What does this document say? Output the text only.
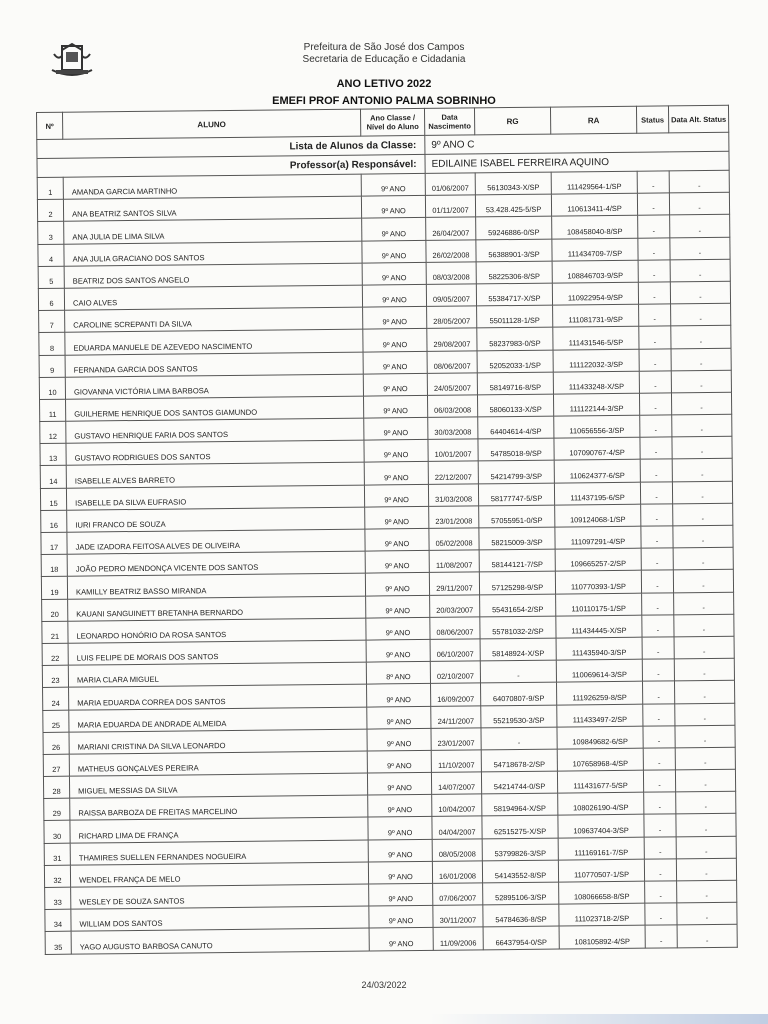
Prefeitura de São José dos Campos
Secretaria de Educação e Cidadania
ANO LETIVO 2022
EMEFI PROF ANTONIO PALMA SOBRINHO
Lista de Alunos da Classe:			9º ANO C				
Professor(a) Responsável:			EDILAINE ISABEL FERREIRA AQUINO				
Nº	ALUNO	Ano Classe / Nível do Aluno	Data Nascimento	RG	RA	Status	Data Alt. Status
1	AMANDA GARCIA MARTINHO	9º ANO	01/06/2007	56130343-X/SP	111429564-1/SP	-	-
2	ANA BEATRIZ SANTOS SILVA	9º ANO	01/11/2007	53.428.425-5/SP	110613411-4/SP	-	-
3	ANA JULIA DE LIMA SILVA	9º ANO	26/04/2007	59246886-0/SP	108458040-8/SP	-	-
4	ANA JULIA GRACIANO DOS SANTOS	9º ANO	26/02/2008	56388901-3/SP	111434709-7/SP	-	-
5	BEATRIZ DOS SANTOS ANGELO	9º ANO	08/03/2008	58225306-8/SP	108846703-9/SP	-	-
6	CAIO ALVES	9º ANO	09/05/2007	55384717-X/SP	110922954-9/SP	-	-
7	CAROLINE SCREPANTI DA SILVA	9º ANO	28/05/2007	55011128-1/SP	111081731-9/SP	-	-
8	EDUARDA MANUELE DE AZEVEDO NASCIMENTO	9º ANO	29/08/2007	58237983-0/SP	111431546-5/SP	-	-
9	FERNANDA GARCIA DOS SANTOS	9º ANO	08/06/2007	52052033-1/SP	111122032-3/SP	-	-
10	GIOVANNA VICTÓRIA LIMA BARBOSA	9º ANO	24/05/2007	58149716-8/SP	111433248-X/SP	-	-
11	GUILHERME HENRIQUE DOS SANTOS GIAMUNDO	9º ANO	06/03/2008	58060133-X/SP	111122144-3/SP	-	-
12	GUSTAVO HENRIQUE FARIA DOS SANTOS	9º ANO	30/03/2008	64404614-4/SP	110656556-3/SP	-	-
13	GUSTAVO RODRIGUES DOS SANTOS	9º ANO	10/01/2007	54785018-9/SP	107090767-4/SP	-	-
14	ISABELLE ALVES BARRETO	9º ANO	22/12/2007	54214799-3/SP	110624377-6/SP	-	-
15	ISABELLE DA SILVA EUFRASIO	9º ANO	31/03/2008	58177747-5/SP	111437195-6/SP	-	-
16	IURI FRANCO DE SOUZA	9º ANO	23/01/2008	57055951-0/SP	109124068-1/SP	-	-
17	JADE IZADORA FEITOSA ALVES DE OLIVEIRA	9º ANO	05/02/2008	58215009-3/SP	111097291-4/SP	-	-
18	JOÃO PEDRO MENDONÇA VICENTE DOS SANTOS	9º ANO	11/08/2007	58144121-7/SP	109665257-2/SP	-	-
19	KAMILLY BEATRIZ BASSO MIRANDA	9º ANO	29/11/2007	57125298-9/SP	110770393-1/SP	-	-
20	KAUANI SANGUINETT BRETANHA BERNARDO	9º ANO	20/03/2007	55431654-2/SP	110110175-1/SP	-	-
21	LEONARDO HONÓRIO DA ROSA SANTOS	9º ANO	08/06/2007	55781032-2/SP	111434445-X/SP	-	-
22	LUIS FELIPE DE MORAIS DOS SANTOS	9º ANO	06/10/2007	58148924-X/SP	111435940-3/SP	-	-
23	MARIA CLARA MIGUEL	8º ANO	02/10/2007	-	110069614-3/SP	-	-
24	MARIA EDUARDA CORREA DOS SANTOS	9º ANO	16/09/2007	64070807-9/SP	111926259-8/SP	-	-
25	MARIA EDUARDA DE ANDRADE ALMEIDA	9º ANO	24/11/2007	55219530-3/SP	111433497-2/SP	-	-
26	MARIANI CRISTINA DA SILVA LEONARDO	9º ANO	23/01/2007	-	109849682-6/SP	-	-
27	MATHEUS GONÇALVES PEREIRA	9º ANO	11/10/2007	54718678-2/SP	107658968-4/SP	-	-
28	MIGUEL MESSIAS DA SILVA	9º ANO	14/07/2007	54214744-0/SP	111431677-5/SP	-	-
29	RAISSA BARBOZA DE FREITAS MARCELINO	9º ANO	10/04/2007	58194964-X/SP	108026190-4/SP	-	-
30	RICHARD LIMA DE FRANÇA	9º ANO	04/04/2007	62515275-X/SP	109637404-3/SP	-	-
31	THAMIRES SUELLEN FERNANDES NOGUEIRA	9º ANO	08/05/2008	53799826-3/SP	111169161-7/SP	-	-
32	WENDEL FRANÇA DE MELO	9º ANO	16/01/2008	54143552-8/SP	110770507-1/SP	-	-
33	WESLEY DE SOUZA SANTOS	9º ANO	07/06/2007	52895106-3/SP	108066658-8/SP	-	-
34	WILLIAM DOS SANTOS	9º ANO	30/11/2007	54784636-8/SP	111023718-2/SP	-	-
35	YAGO AUGUSTO BARBOSA CANUTO	9º ANO	11/09/2006	66437954-0/SP	108105892-4/SP	-	-
24/03/2022
